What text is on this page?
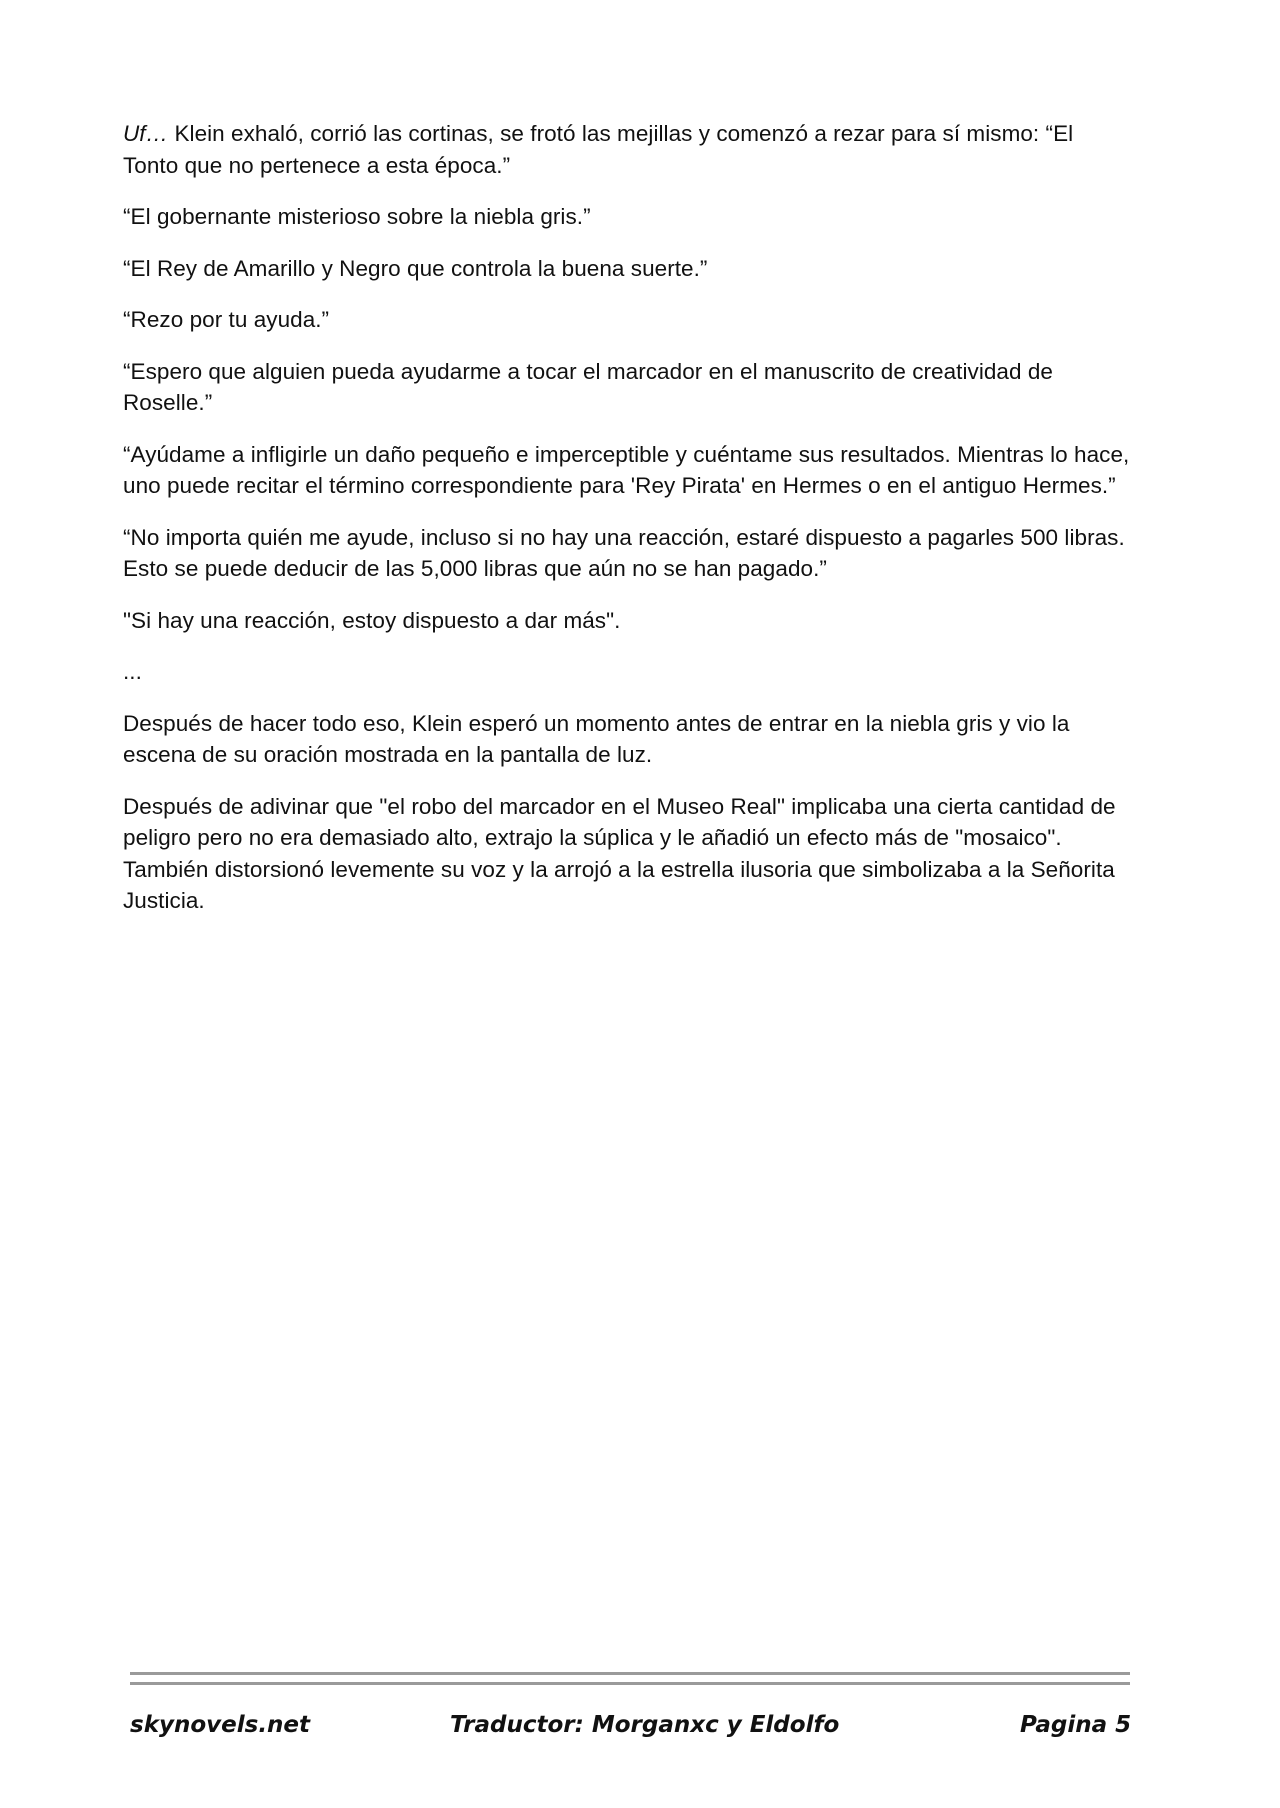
Uf… Klein exhaló, corrió las cortinas, se frotó las mejillas y comenzó a rezar para sí mismo: “El Tonto que no pertenece a esta época.”

“El gobernante misterioso sobre la niebla gris.”

“El Rey de Amarillo y Negro que controla la buena suerte.”

“Rezo por tu ayuda.”

“Espero que alguien pueda ayudarme a tocar el marcador en el manuscrito de creatividad de Roselle.”

“Ayúdame a infligirle un daño pequeño e imperceptible y cuéntame sus resultados. Mientras lo hace, uno puede recitar el término correspondiente para 'Rey Pirata' en Hermes o en el antiguo Hermes.”

“No importa quién me ayude, incluso si no hay una reacción, estaré dispuesto a pagarles 500 libras. Esto se puede deducir de las 5,000 libras que aún no se han pagado.”

"Si hay una reacción, estoy dispuesto a dar más".

...

Después de hacer todo eso, Klein esperó un momento antes de entrar en la niebla gris y vio la escena de su oración mostrada en la pantalla de luz.

Después de adivinar que "el robo del marcador en el Museo Real" implicaba una cierta cantidad de peligro pero no era demasiado alto, extrajo la súplica y le añadió un efecto más de "mosaico". También distorsionó levemente su voz y la arrojó a la estrella ilusoria que simbolizaba a la Señorita Justicia.

skynovels.net	Traductor: Morganxc y Eldolfo	Pagina 5
